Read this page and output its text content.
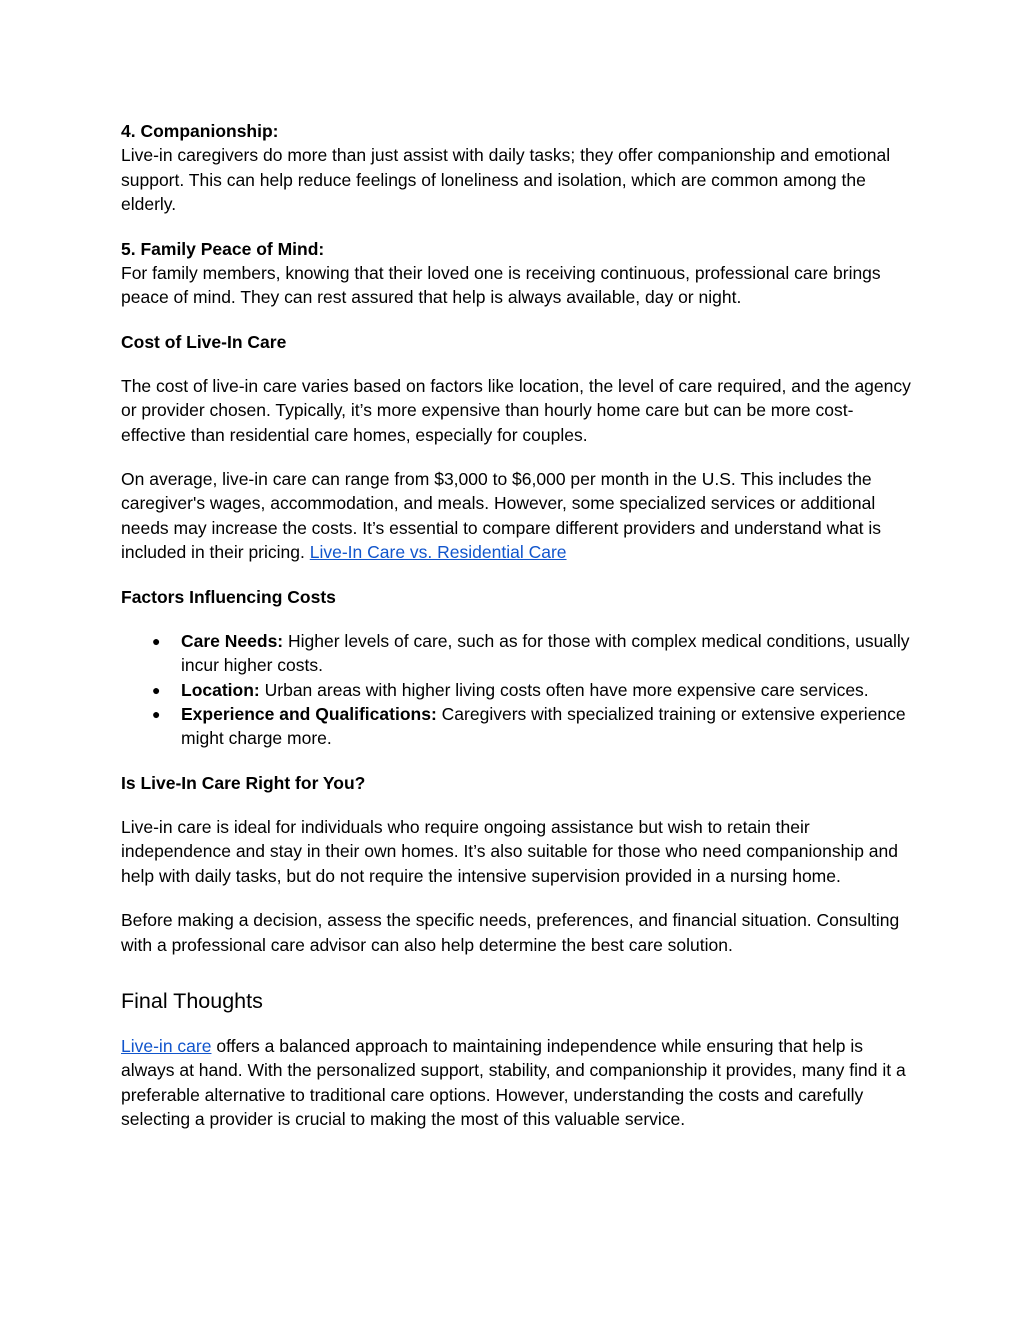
4. Companionship:
Live-in caregivers do more than just assist with daily tasks; they offer companionship and emotional support. This can help reduce feelings of loneliness and isolation, which are common among the elderly.

5. Family Peace of Mind:
For family members, knowing that their loved one is receiving continuous, professional care brings peace of mind. They can rest assured that help is always available, day or night.

Cost of Live-In Care

The cost of live-in care varies based on factors like location, the level of care required, and the agency or provider chosen. Typically, it’s more expensive than hourly home care but can be more cost-effective than residential care homes, especially for couples.

On average, live-in care can range from $3,000 to $6,000 per month in the U.S. This includes the caregiver's wages, accommodation, and meals. However, some specialized services or additional needs may increase the costs. It’s essential to compare different providers and understand what is included in their pricing. Live-In Care vs. Residential Care

Factors Influencing Costs

● Care Needs: Higher levels of care, such as for those with complex medical conditions, usually incur higher costs.
● Location: Urban areas with higher living costs often have more expensive care services.
● Experience and Qualifications: Caregivers with specialized training or extensive experience might charge more.

Is Live-In Care Right for You?

Live-in care is ideal for individuals who require ongoing assistance but wish to retain their independence and stay in their own homes. It’s also suitable for those who need companionship and help with daily tasks, but do not require the intensive supervision provided in a nursing home.

Before making a decision, assess the specific needs, preferences, and financial situation. Consulting with a professional care advisor can also help determine the best care solution.

Final Thoughts

Live-in care offers a balanced approach to maintaining independence while ensuring that help is always at hand. With the personalized support, stability, and companionship it provides, many find it a preferable alternative to traditional care options. However, understanding the costs and carefully selecting a provider is crucial to making the most of this valuable service.
